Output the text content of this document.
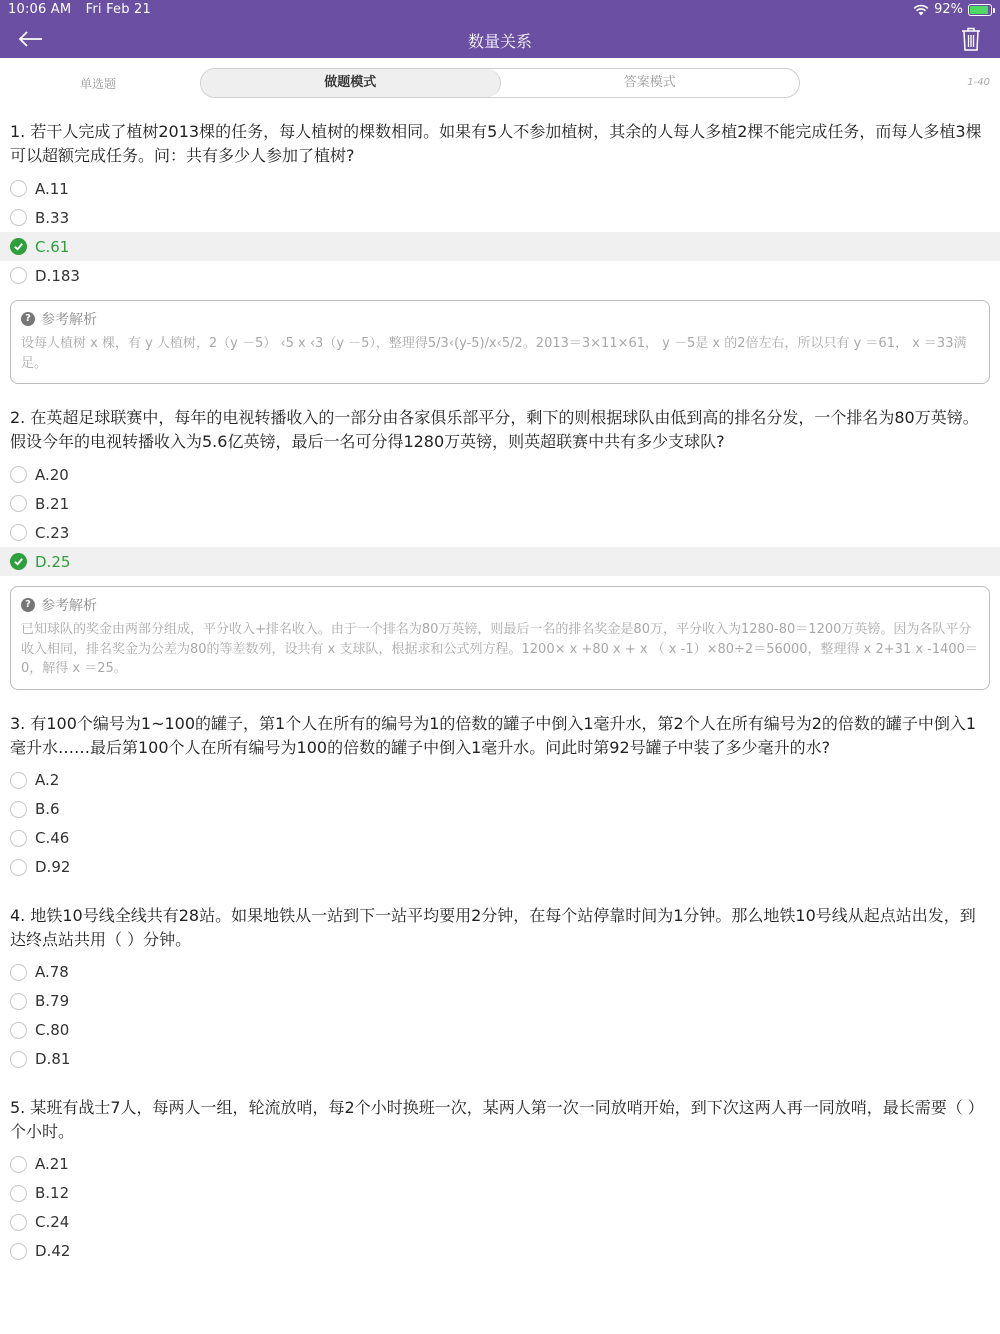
10:06 AM Fri Feb 21	92%
数量关系
单选题	做题模式	答案模式	1-40
1. 若干人完成了植树2013棵的任务，每人植树的棵数相同。如果有5人不参加植树，其余的人每人多植2棵不能完成任务，而每人多植3棵可以超额完成任务。问：共有多少人参加了植树?
A.11
B.33
C.61
D.183
? 参考解析
设每人植树 x 棵，有 y 人植树，2（y －5） ‹5 x ‹3（y －5），整理得5/3‹(y-5)/x‹5/2。2013＝3×11×61， y －5是 x 的2倍左右，所以只有 y ＝61， x ＝33满足。
2. 在英超足球联赛中，每年的电视转播收入的一部分由各家俱乐部平分，剩下的则根据球队由低到高的排名分发，一个排名为80万英镑。假设今年的电视转播收入为5.6亿英镑，最后一名可分得1280万英镑，则英超联赛中共有多少支球队?
A.20
B.21
C.23
D.25
? 参考解析
已知球队的奖金由两部分组成，平分收入+排名收入。由于一个排名为80万英镑，则最后一名的排名奖金是80万，平分收入为1280-80＝1200万英镑。因为各队平分收入相同，排名奖金为公差为80的等差数列，设共有 x 支球队，根据求和公式列方程。1200× x +80 x + x （ x -1）×80÷2＝56000，整理得 x 2+31 x -1400＝0，解得 x ＝25。
3. 有100个编号为1~100的罐子，第1个人在所有的编号为1的倍数的罐子中倒入1毫升水，第2个人在所有编号为2的倍数的罐子中倒入1毫升水……最后第100个人在所有编号为100的倍数的罐子中倒入1毫升水。问此时第92号罐子中装了多少毫升的水?
A.2
B.6
C.46
D.92
4. 地铁10号线全线共有28站。如果地铁从一站到下一站平均要用2分钟，在每个站停靠时间为1分钟。那么地铁10号线从起点站出发，到达终点站共用（ ）分钟。
A.78
B.79
C.80
D.81
5. 某班有战士7人，每两人一组，轮流放哨，每2个小时换班一次，某两人第一次一同放哨开始，到下次这两人再一同放哨，最长需要（ ）个小时。
A.21
B.12
C.24
D.42
